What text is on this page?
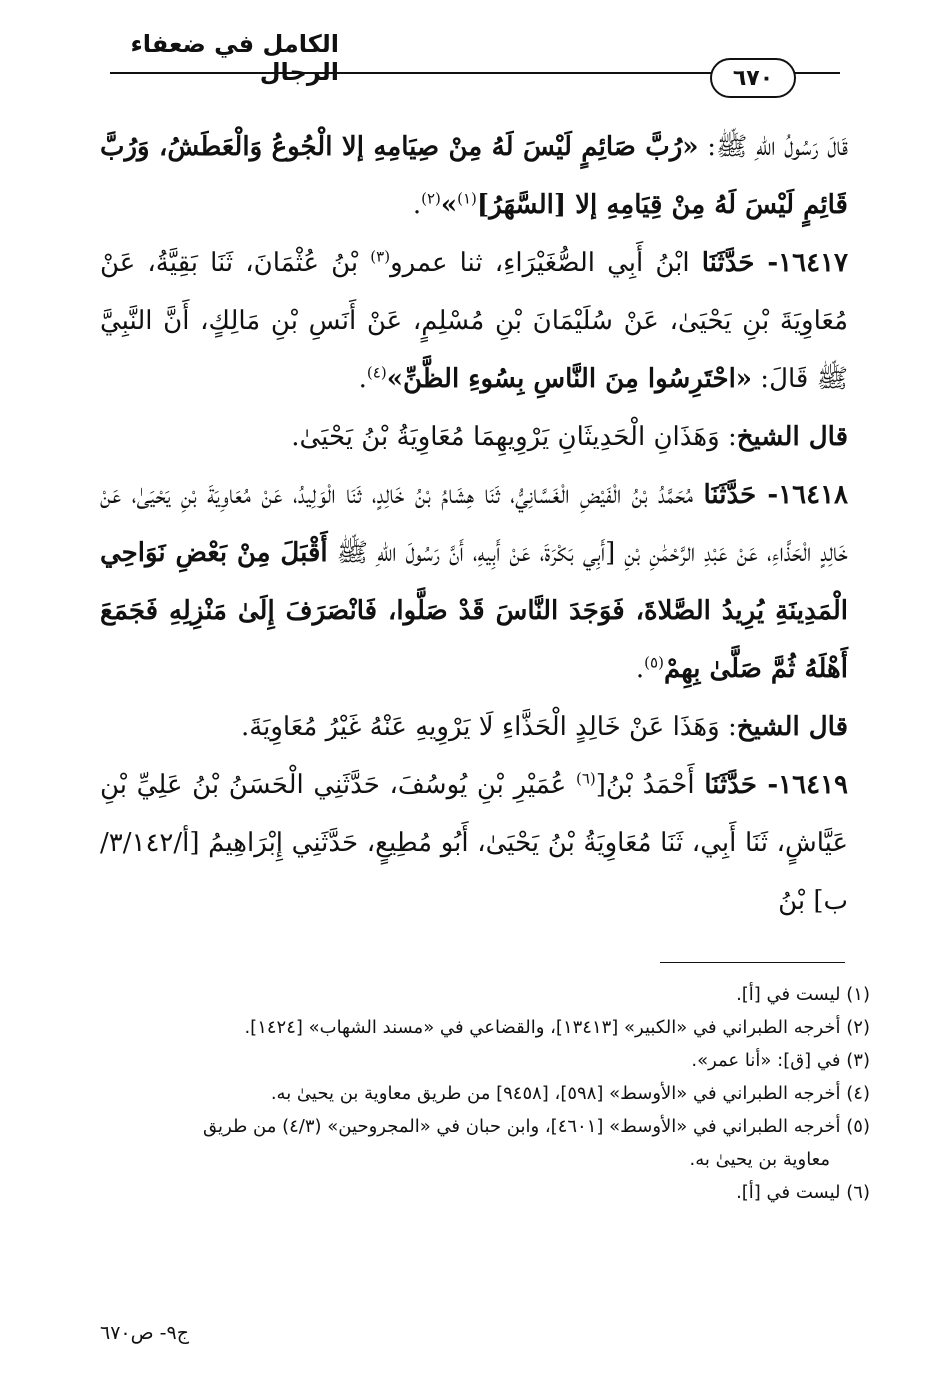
الكامل في ضعفاء الرجال	٦٧٠

قَالَ رَسُولُ اللهِ ﷺ: «رُبَّ صَائِمٍ لَيْسَ لَهُ مِنْ صِيَامِهِ إلا الْجُوعُ وَالْعَطَشُ، وَرُبَّ قَائِمٍ لَيْسَ لَهُ مِنْ قِيَامِهِ إلا [السَّهَرُ]$^{(١)}$»$^{(٢)}$.

١٦٤١٧- حَدَّثَنَا ابْنُ أَبِي الصُّغَيْرَاءِ، ثنا عمرو$^{(٣)}$ بْنُ عُثْمَانَ، ثَنَا بَقِيَّةُ، عَنْ مُعَاوِيَةَ بْنِ يَحْيَىٰ، عَنْ سُلَيْمَانَ بْنِ مُسْلِمٍ، عَنْ أَنَسِ بْنِ مَالِكٍ، أَنَّ النَّبِيَّ ﷺ قَالَ: «احْتَرِسُوا مِنَ النَّاسِ بِسُوءِ الظَّنِّ»$^{(٤)}$.

قال الشيخ: وَهَذَانِ الْحَدِيثَانِ يَرْوِيهِمَا مُعَاوِيَةُ بْنُ يَحْيَىٰ.

١٦٤١٨- حَدَّثَنَا مُحَمَّدُ بْنُ الْفَيْضِ الْغَسَّانِيُّ، ثَنَا هِشَامُ بْنُ خَالِدٍ، ثَنَا الْوَلِيدُ، عَنْ مُعَاوِيَةَ بْنِ يَحْيَىٰ، عَنْ خَالِدٍ الْحَذَّاءِ، عَنْ عَبْدِ الرَّحْمَٰنِ بْنِ [أَبِي بَكْرَةَ، عَنْ أَبِيهِ، أَنَّ رَسُولَ اللهِ ﷺ أَقْبَلَ مِنْ بَعْضِ نَوَاحِي الْمَدِينَةِ يُرِيدُ الصَّلاةَ، فَوَجَدَ النَّاسَ قَدْ صَلَّوا، فَانْصَرَفَ إِلَىٰ مَنْزِلِهِ فَجَمَعَ أَهْلَهُ ثُمَّ صَلَّىٰ بِهِمْ$^{(٥)}$.

قال الشيخ: وَهَذَا عَنْ خَالِدٍ الْحَذَّاءِ لَا يَرْوِيهِ عَنْهُ غَيْرُ مُعَاوِيَةَ.

١٦٤١٩- حَدَّثَنَا أَحْمَدُ بْنُ[$^{(٦)}$ عُمَيْرِ بْنِ يُوسُفَ، حَدَّثَنِي الْحَسَنُ بْنُ عَلِيِّ بْنِ عَيَّاشٍ، ثَنَا أَبِي، ثَنَا مُعَاوِيَةُ بْنُ يَحْيَىٰ، أَبُو مُطِيعٍ، حَدَّثَنِي إِبْرَاهِيمُ [أ/٣/١٤٢/ب] بْنُ

(١) ليست في [أ].

(٢) أخرجه الطبراني في «الكبير» [١٣٤١٣]، والقضاعي في «مسند الشهاب» [١٤٢٤].

(٣) في [ق]: «أنا عمر».

(٤) أخرجه الطبراني في «الأوسط» [٥٩٨]، [٩٤٥٨] من طريق معاوية بن يحيىٰ به.

(٥) أخرجه الطبراني في «الأوسط» [٤٦٠١]، وابن حبان في «المجروحين» (٤/٣) من طريق

معاوية بن يحيىٰ به.

(٦) ليست في [أ].

ج٩- ص٦٧٠
